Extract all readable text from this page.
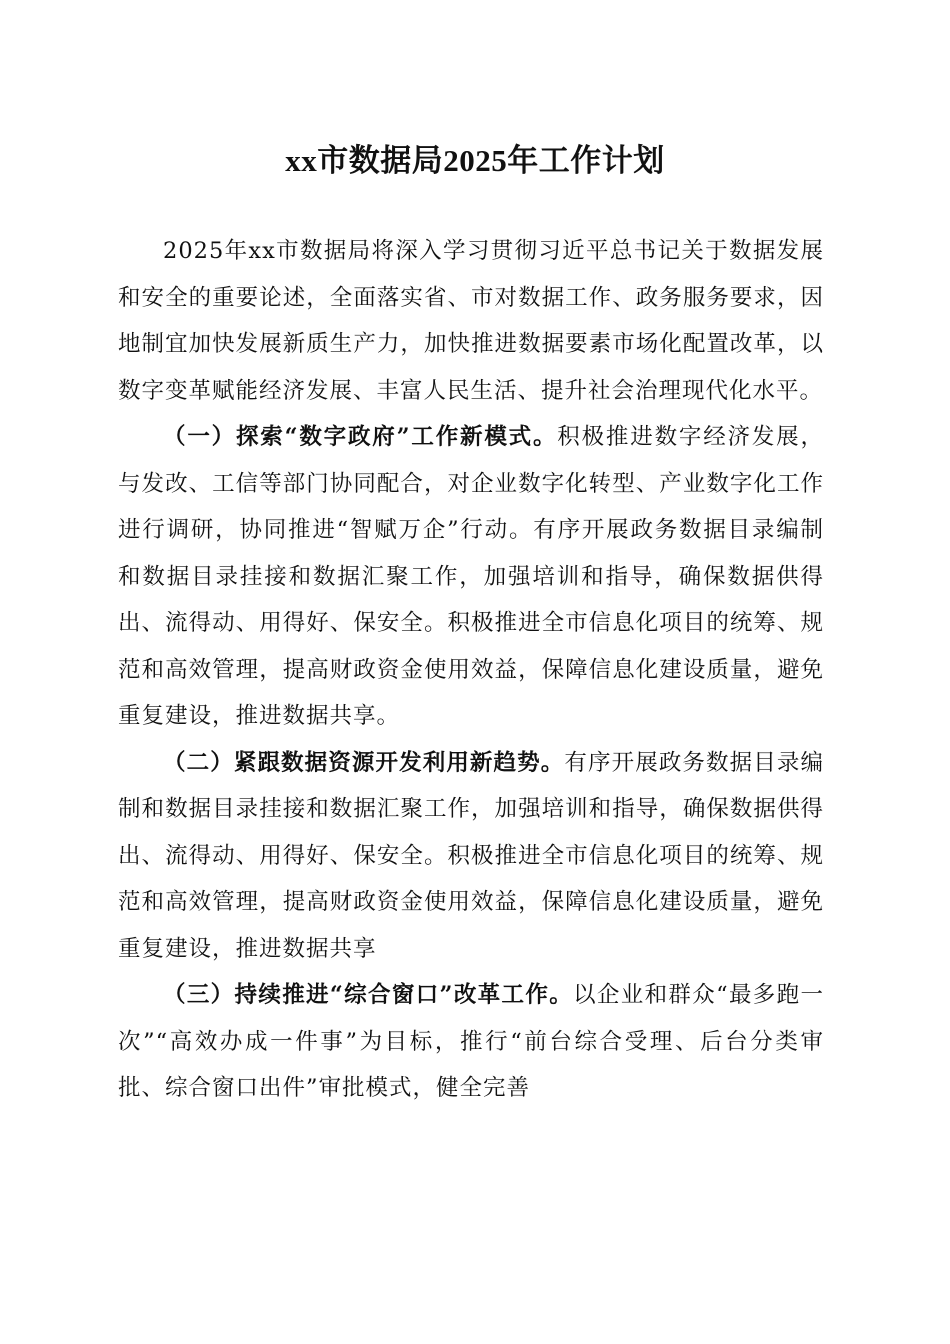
xx市数据局2025年工作计划

2025年xx市数据局将深入学习贯彻习近平总书记关于数据发展和安全的重要论述，全面落实省、市对数据工作、政务服务要求，因地制宜加快发展新质生产力，加快推进数据要素市场化配置改革，以数字变革赋能经济发展、丰富人民生活、提升社会治理现代化水平。

（一）探索“数字政府”工作新模式。积极推进数字经济发展，与发改、工信等部门协同配合，对企业数字化转型、产业数字化工作进行调研，协同推进“智赋万企”行动。有序开展政务数据目录编制和数据目录挂接和数据汇聚工作，加强培训和指导，确保数据供得出、流得动、用得好、保安全。积极推进全市信息化项目的统筹、规范和高效管理，提高财政资金使用效益，保障信息化建设质量，避免重复建设，推进数据共享。

（二）紧跟数据资源开发利用新趋势。有序开展政务数据目录编制和数据目录挂接和数据汇聚工作，加强培训和指导，确保数据供得出、流得动、用得好、保安全。积极推进全市信息化项目的统筹、规范和高效管理，提高财政资金使用效益，保障信息化建设质量，避免重复建设，推进数据共享

（三）持续推进“综合窗口”改革工作。以企业和群众“最多跑一次”“高效办成一件事”为目标，推行“前台综合受理、后台分类审批、综合窗口出件”审批模式，健全完善
